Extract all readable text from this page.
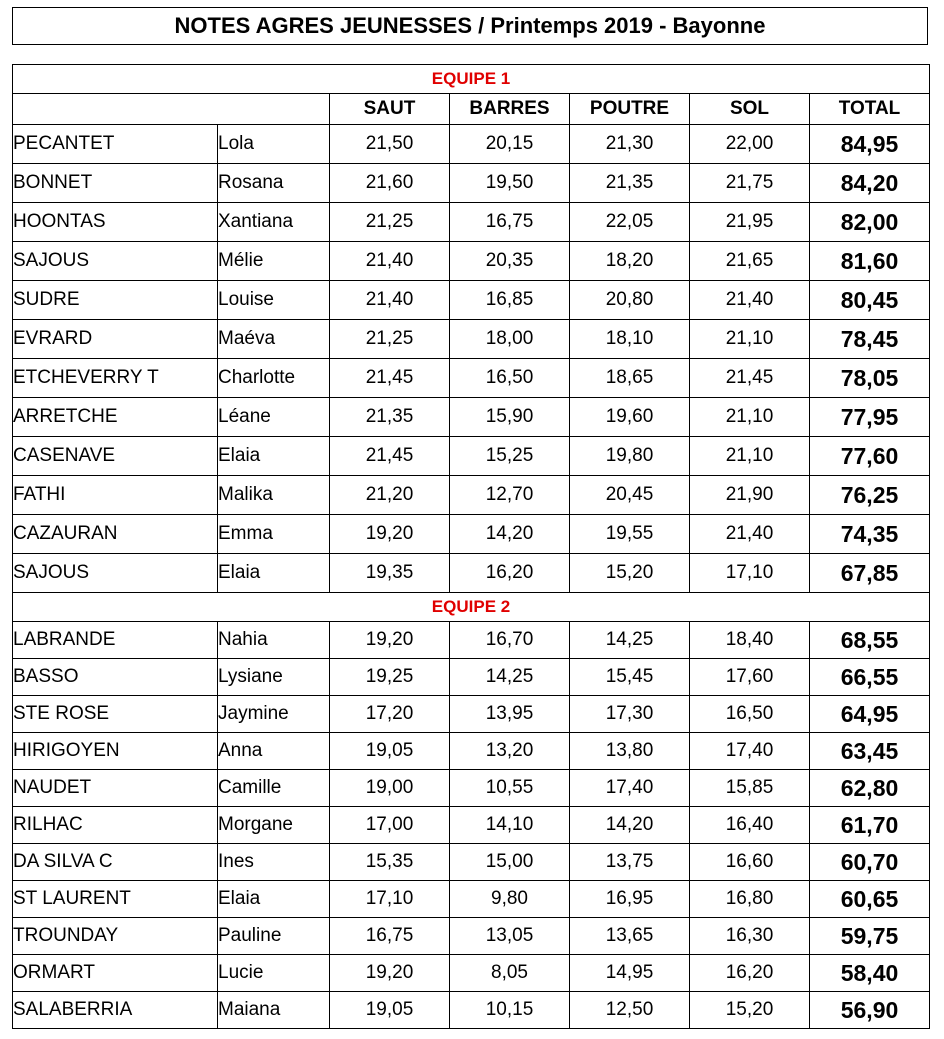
NOTES AGRES JEUNESSES / Printemps 2019 - Bayonne
EQUIPE 1						
		SAUT	BARRES	POUTRE	SOL	TOTAL
PECANTET	Lola	21,50	20,15	21,30	22,00	84,95
BONNET	Rosana	21,60	19,50	21,35	21,75	84,20
HOONTAS	Xantiana	21,25	16,75	22,05	21,95	82,00
SAJOUS	Mélie	21,40	20,35	18,20	21,65	81,60
SUDRE	Louise	21,40	16,85	20,80	21,40	80,45
EVRARD	Maéva	21,25	18,00	18,10	21,10	78,45
ETCHEVERRY T	Charlotte	21,45	16,50	18,65	21,45	78,05
ARRETCHE	Léane	21,35	15,90	19,60	21,10	77,95
CASENAVE	Elaia	21,45	15,25	19,80	21,10	77,60
FATHI	Malika	21,20	12,70	20,45	21,90	76,25
CAZAURAN	Emma	19,20	14,20	19,55	21,40	74,35
SAJOUS	Elaia	19,35	16,20	15,20	17,10	67,85
EQUIPE 2						
LABRANDE	Nahia	19,20	16,70	14,25	18,40	68,55
BASSO	Lysiane	19,25	14,25	15,45	17,60	66,55
STE ROSE	Jaymine	17,20	13,95	17,30	16,50	64,95
HIRIGOYEN	Anna	19,05	13,20	13,80	17,40	63,45
NAUDET	Camille	19,00	10,55	17,40	15,85	62,80
RILHAC	Morgane	17,00	14,10	14,20	16,40	61,70
DA SILVA C	Ines	15,35	15,00	13,75	16,60	60,70
ST LAURENT	Elaia	17,10	9,80	16,95	16,80	60,65
TROUNDAY	Pauline	16,75	13,05	13,65	16,30	59,75
ORMART	Lucie	19,20	8,05	14,95	16,20	58,40
SALABERRIA	Maiana	19,05	10,15	12,50	15,20	56,90
